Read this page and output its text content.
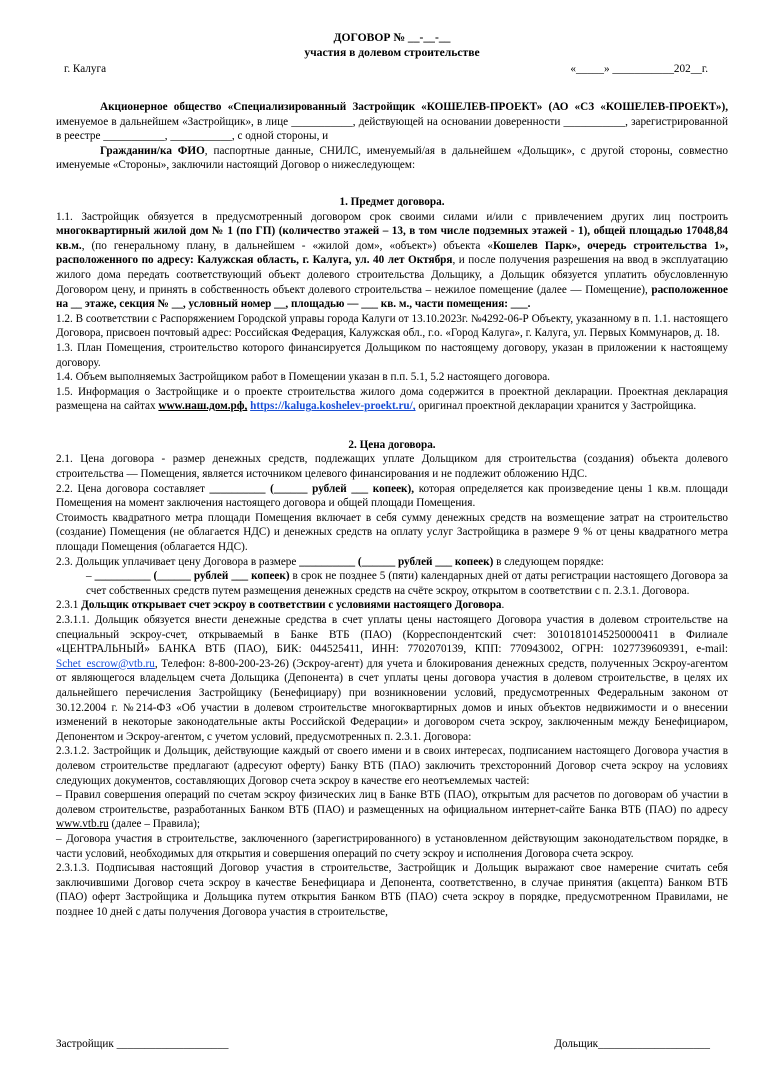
ДОГОВОР № __-__-__
участия в долевом строительстве
г. Калуга	«_____» ___________202__г.

Акционерное общество «Специализированный Застройщик «КОШЕЛЕВ-ПРОЕКТ» (АО «СЗ «КОШЕЛЕВ-ПРОЕКТ»), именуемое в дальнейшем «Застройщик», в лице ___________, действующей на основании доверенности ___________, зарегистрированной в реестре ___________, ___________, с одной стороны, и

Гражданин/ка ФИО, паспортные данные, СНИЛС, именуемый/ая в дальнейшем «Дольщик», с другой стороны, совместно именуемые «Стороны», заключили настоящий Договор о нижеследующем:

1. Предмет договора.

1.1. Застройщик обязуется в предусмотренный договором срок своими силами и/или с привлечением других лиц построить многоквартирный жилой дом № 1 (по ГП) (количество этажей – 13, в том числе подземных этажей - 1), общей площадью 17048,84 кв.м., (по генеральному плану, в дальнейшем - «жилой дом», «объект») объекта «Кошелев Парк», очередь строительства 1», расположенного по адресу: Калужская область, г. Калуга, ул. 40 лет Октября, и после получения разрешения на ввод в эксплуатацию жилого дома передать соответствующий объект долевого строительства Дольщику, а Дольщик обязуется уплатить обусловленную Договором цену, и принять в собственность объект долевого строительства – нежилое помещение (далее — Помещение), расположенное на __ этаже, секция № __, условный номер __, площадью — ___ кв. м., части помещения: ___.

1.2. В соответствии с Распоряжением Городской управы города Калуги от 13.10.2023г. №4292-06-Р Объекту, указанному в п. 1.1. настоящего Договора, присвоен почтовый адрес: Российская Федерация, Калужская обл., г.о. «Город Калуга», г. Калуга, ул. Первых Коммунаров, д. 18.

1.3. План Помещения, строительство которого финансируется Дольщиком по настоящему договору, указан в приложении к настоящему договору.

1.4. Объем выполняемых Застройщиком работ в Помещении указан в п.п. 5.1, 5.2 настоящего договора.

1.5. Информация о Застройщике и о проекте строительства жилого дома содержится в проектной декларации. Проектная декларация размещена на сайтах www.наш.дом.рф, https://kaluga.koshelev-proekt.ru/, оригинал проектной декларации хранится у Застройщика.

2. Цена договора.

2.1. Цена договора - размер денежных средств, подлежащих уплате Дольщиком для строительства (создания) объекта долевого строительства — Помещения, является источником целевого финансирования и не подлежит обложению НДС.

2.2. Цена договора составляет __________ (______ рублей ___ копеек), которая определяется как произведение цены 1 кв.м. площади Помещения на момент заключения настоящего договора и общей площади Помещения.

Стоимость квадратного метра площади Помещения включает в себя сумму денежных средств на возмещение затрат на строительство (создание) Помещения (не облагается НДС) и денежных средств на оплату услуг Застройщика в размере 9 % от цены квадратного метра площади Помещения (облагается НДС).

2.3. Дольщик уплачивает цену Договора в размере __________ (______ рублей ___ копеек) в следующем порядке:

– __________ (______ рублей ___ копеек) в срок не позднее 5 (пяти) календарных дней от даты регистрации настоящего Договора за счет собственных средств путем размещения денежных средств на счёте эскроу, открытом в соответствии с п. 2.3.1. Договора.

2.3.1 Дольщик открывает счет эскроу в соответствии с условиями настоящего Договора.

2.3.1.1. Дольщик обязуется внести денежные средства в счет уплаты цены настоящего Договора участия в долевом строительстве на специальный эскроу-счет, открываемый в Банке ВТБ (ПАО) (Корреспондентский счет: 30101810145250000411 в Филиале «ЦЕНТРАЛЬНЫЙ» БАНКА ВТБ (ПАО), БИК: 044525411, ИНН: 7702070139, КПП: 770943002, ОГРН: 1027739609391, e-mail: Schet_escrow@vtb.ru, Телефон: 8-800-200-23-26) (Эскроу-агент) для учета и блокирования денежных средств, полученных Эскроу-агентом от являющегося владельцем счета Дольщика (Депонента) в счет уплаты цены договора участия в долевом строительстве, в целях их дальнейшего перечисления Застройщику (Бенефициару) при возникновении условий, предусмотренных Федеральным законом от 30.12.2004 г. №214-ФЗ «Об участии в долевом строительстве многоквартирных домов и иных объектов недвижимости и о внесении изменений в некоторые законодательные акты Российской Федерации» и договором счета эскроу, заключенным между Бенефициаром, Депонентом и Эскроу-агентом, с учетом условий, предусмотренных п. 2.3.1. Договора:

2.3.1.2. Застройщик и Дольщик, действующие каждый от своего имени и в своих интересах, подписанием настоящего Договора участия в долевом строительстве предлагают (адресуют оферту) Банку ВТБ (ПАО) заключить трехсторонний Договор счета эскроу на условиях следующих документов, составляющих Договор счета эскроу в качестве его неотъемлемых частей:

– Правил совершения операций по счетам эскроу физических лиц в Банке ВТБ (ПАО), открытым для расчетов по договорам об участии в долевом строительстве, разработанных Банком ВТБ (ПАО) и размещенных на официальном интернет-сайте Банка ВТБ (ПАО) по адресу www.vtb.ru (далее – Правила);

– Договора участия в строительстве, заключенного (зарегистрированного) в установленном действующим законодательством порядке, в части условий, необходимых для открытия и совершения операций по счету эскроу и исполнения Договора счета эскроу.

2.3.1.3. Подписывая настоящий Договор участия в строительстве, Застройщик и Дольщик выражают свое намерение считать себя заключившими Договор счета эскроу в качестве Бенефициара и Депонента, соответственно, в случае принятия (акцепта) Банком ВТБ (ПАО) оферт Застройщика и Дольщика путем открытия Банком ВТБ (ПАО) счета эскроу в порядке, предусмотренном Правилами, не позднее 10 дней с даты получения Договора участия в строительстве,

Застройщик ____________________	Дольщик____________________
